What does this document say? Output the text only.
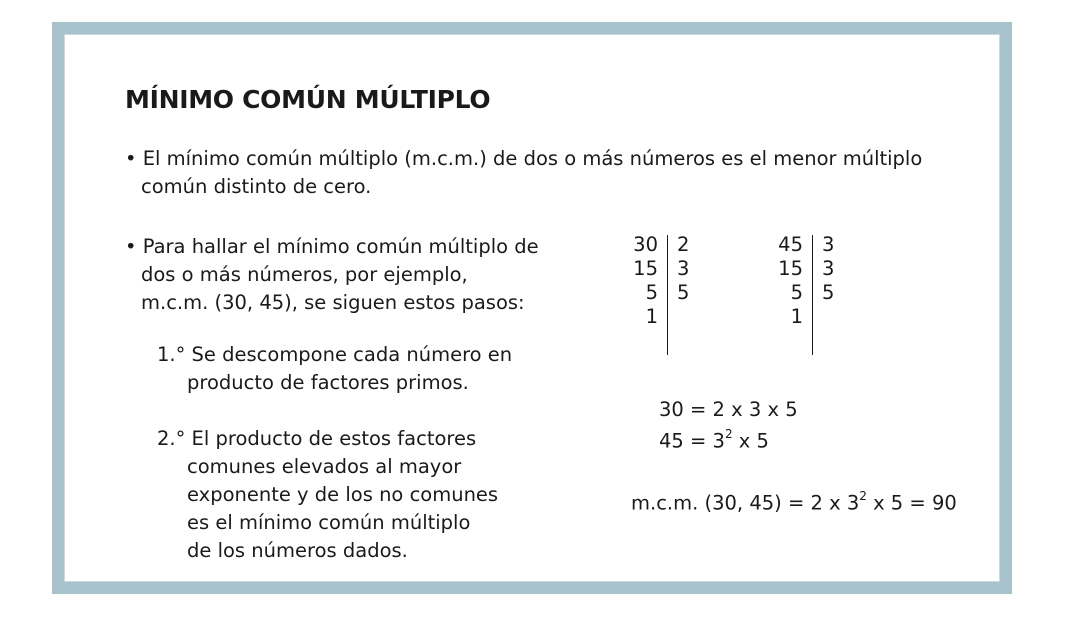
MÍNIMO COMÚN MÚLTIPLO
• El mínimo común múltiplo (m.c.m.) de dos o más números es el menor múltiplo
común distinto de cero.
• Para hallar el mínimo común múltiplo de
dos o más números, por ejemplo,
m.c.m. (30, 45), se siguen estos pasos:
1.° Se descompone cada número en
producto de factores primos.
2.° El producto de estos factores
comunes elevados al mayor
exponente y de los no comunes
es el mínimo común múltiplo
de los números dados.
30
15
5
1
2
3
5
45
15
5
1
3
3
5
30 = 2 x 3 x 5
$45 = 3^2$ x 5
m.c.m. (30, 45) = 2 x $3^2$ x 5 = 90
